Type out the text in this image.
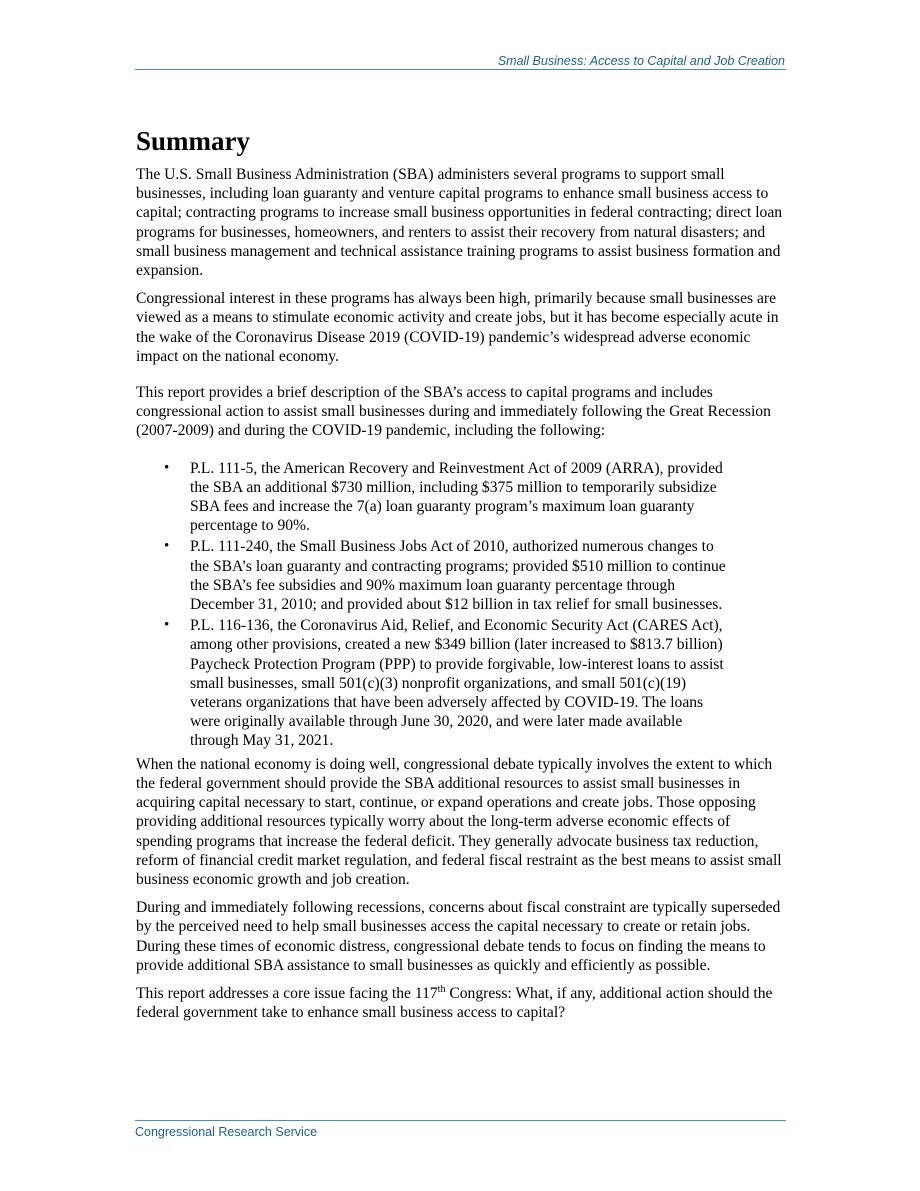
Small Business: Access to Capital and Job Creation
Summary

The U.S. Small Business Administration (SBA) administers several programs to support small businesses, including loan guaranty and venture capital programs to enhance small business access to capital; contracting programs to increase small business opportunities in federal contracting; direct loan programs for businesses, homeowners, and renters to assist their recovery from natural disasters; and small business management and technical assistance training programs to assist business formation and expansion.

Congressional interest in these programs has always been high, primarily because small businesses are viewed as a means to stimulate economic activity and create jobs, but it has become especially acute in the wake of the Coronavirus Disease 2019 (COVID-19) pandemic’s widespread adverse economic impact on the national economy.

This report provides a brief description of the SBA’s access to capital programs and includes congressional action to assist small businesses during and immediately following the Great Recession (2007-2009) and during the COVID-19 pandemic, including the following:

• P.L. 111-5, the American Recovery and Reinvestment Act of 2009 (ARRA), provided the SBA an additional $730 million, including $375 million to temporarily subsidize SBA fees and increase the 7(a) loan guaranty program’s maximum loan guaranty percentage to 90%.
• P.L. 111-240, the Small Business Jobs Act of 2010, authorized numerous changes to the SBA’s loan guaranty and contracting programs; provided $510 million to continue the SBA’s fee subsidies and 90% maximum loan guaranty percentage through December 31, 2010; and provided about $12 billion in tax relief for small businesses.
• P.L. 116-136, the Coronavirus Aid, Relief, and Economic Security Act (CARES Act), among other provisions, created a new $349 billion (later increased to $813.7 billion) Paycheck Protection Program (PPP) to provide forgivable, low-interest loans to assist small businesses, small 501(c)(3) nonprofit organizations, and small 501(c)(19) veterans organizations that have been adversely affected by COVID-19. The loans were originally available through June 30, 2020, and were later made available through May 31, 2021.

When the national economy is doing well, congressional debate typically involves the extent to which the federal government should provide the SBA additional resources to assist small businesses in acquiring capital necessary to start, continue, or expand operations and create jobs. Those opposing providing additional resources typically worry about the long-term adverse economic effects of spending programs that increase the federal deficit. They generally advocate business tax reduction, reform of financial credit market regulation, and federal fiscal restraint as the best means to assist small business economic growth and job creation.

During and immediately following recessions, concerns about fiscal constraint are typically superseded by the perceived need to help small businesses access the capital necessary to create or retain jobs. During these times of economic distress, congressional debate tends to focus on finding the means to provide additional SBA assistance to small businesses as quickly and efficiently as possible.

This report addresses a core issue facing the 117th Congress: What, if any, additional action should the federal government take to enhance small business access to capital?

Congressional Research Service
